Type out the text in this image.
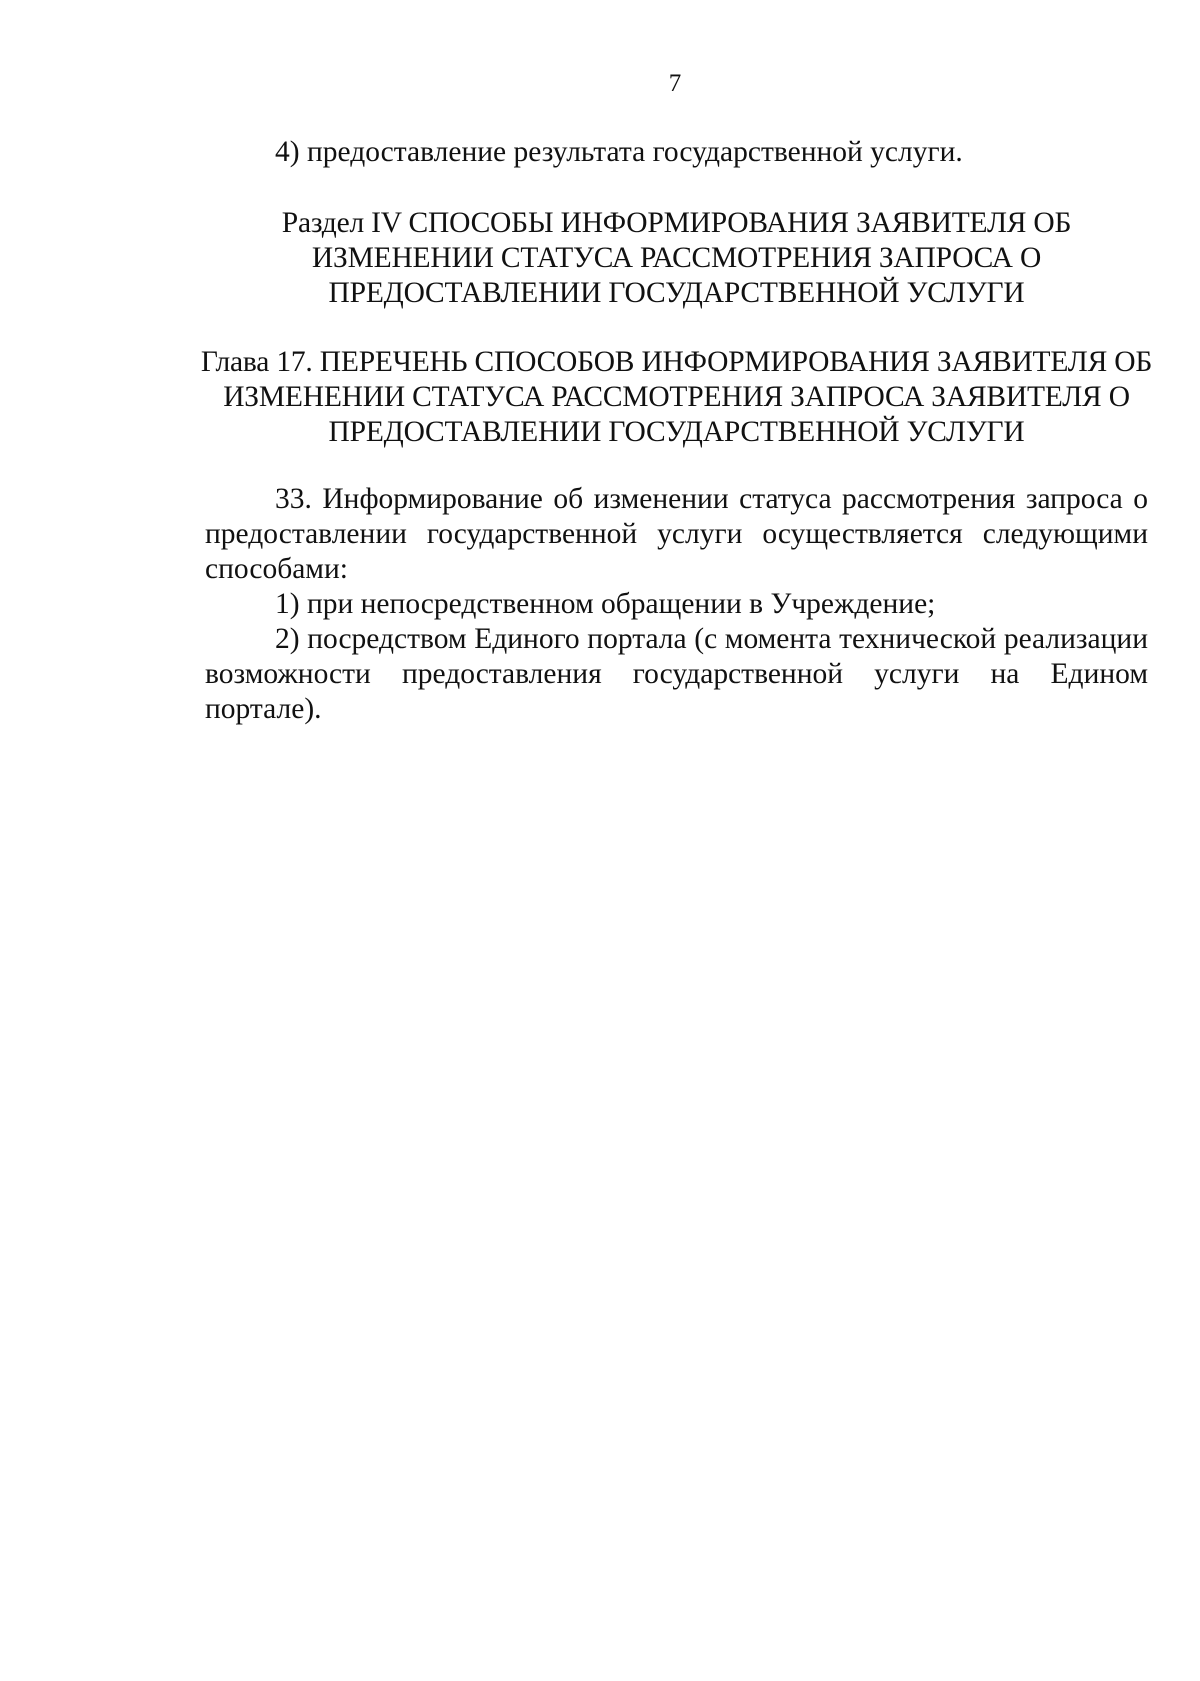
7

4) предоставление результата государственной услуги.

Раздел IV СПОСОБЫ ИНФОРМИРОВАНИЯ ЗАЯВИТЕЛЯ ОБ
ИЗМЕНЕНИИ СТАТУСА РАССМОТРЕНИЯ ЗАПРОСА О
ПРЕДОСТАВЛЕНИИ ГОСУДАРСТВЕННОЙ УСЛУГИ
Глава 17. ПЕРЕЧЕНЬ СПОСОБОВ ИНФОРМИРОВАНИЯ ЗАЯВИТЕЛЯ ОБ
ИЗМЕНЕНИИ СТАТУСА РАССМОТРЕНИЯ ЗАПРОСА ЗАЯВИТЕЛЯ О
ПРЕДОСТАВЛЕНИИ ГОСУДАРСТВЕННОЙ УСЛУГИ

33. Информирование об изменении статуса рассмотрения запроса о предоставлении государственной услуги осуществляется следующими способами:

1) при непосредственном обращении в Учреждение;

2) посредством Единого портала (с момента технической реализации возможности предоставления государственной услуги на Едином портале).
